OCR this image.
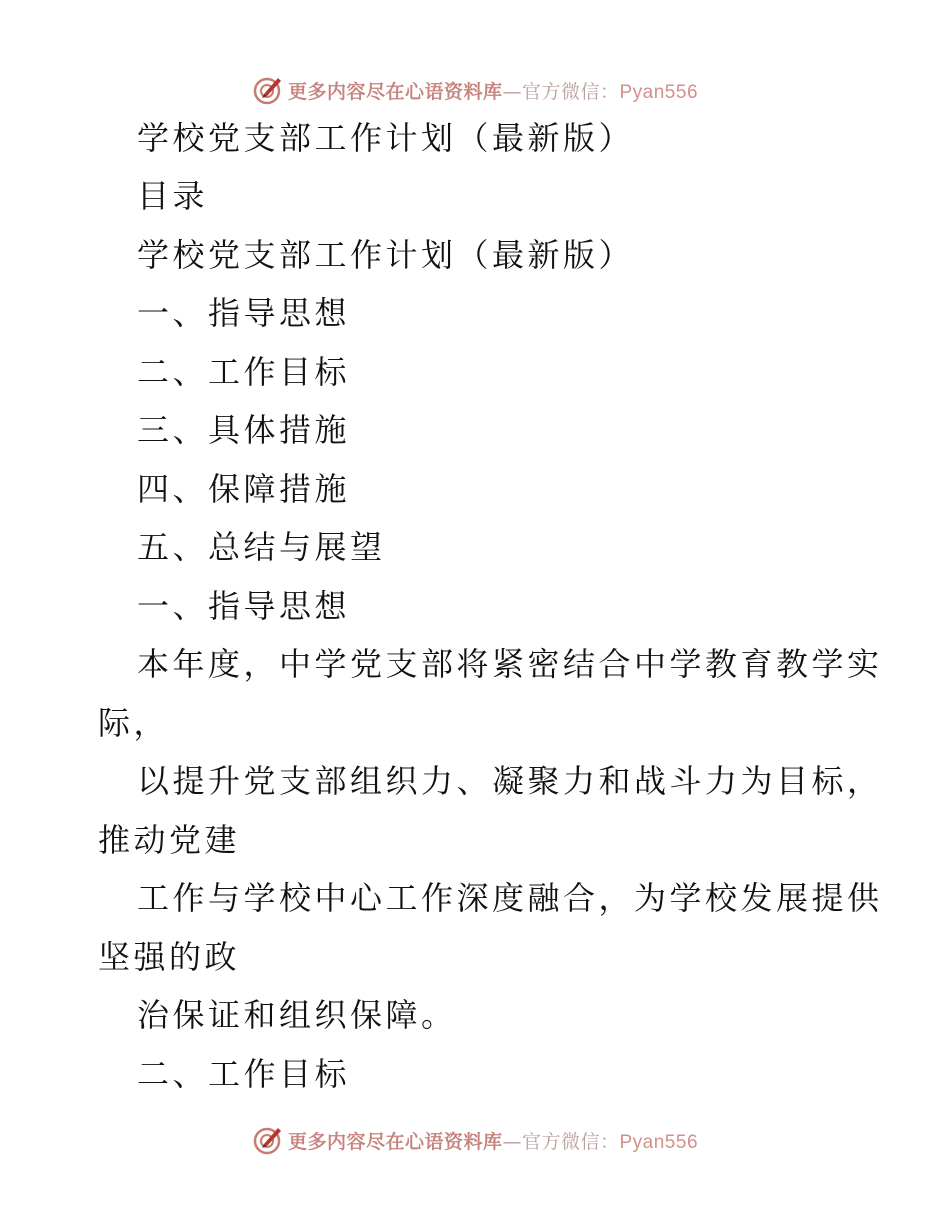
更多内容尽在心语资料库—官方微信：Pyan556
学校党支部工作计划（最新版）
目录
学校党支部工作计划（最新版）
一、指导思想
二、工作目标
三、具体措施
四、保障措施
五、总结与展望
一、指导思想
本年度，中学党支部将紧密结合中学教育教学实
际，
以提升党支部组织力、凝聚力和战斗力为目标，
推动党建
工作与学校中心工作深度融合，为学校发展提供
坚强的政
治保证和组织保障。
二、工作目标
更多内容尽在心语资料库—官方微信：Pyan556
